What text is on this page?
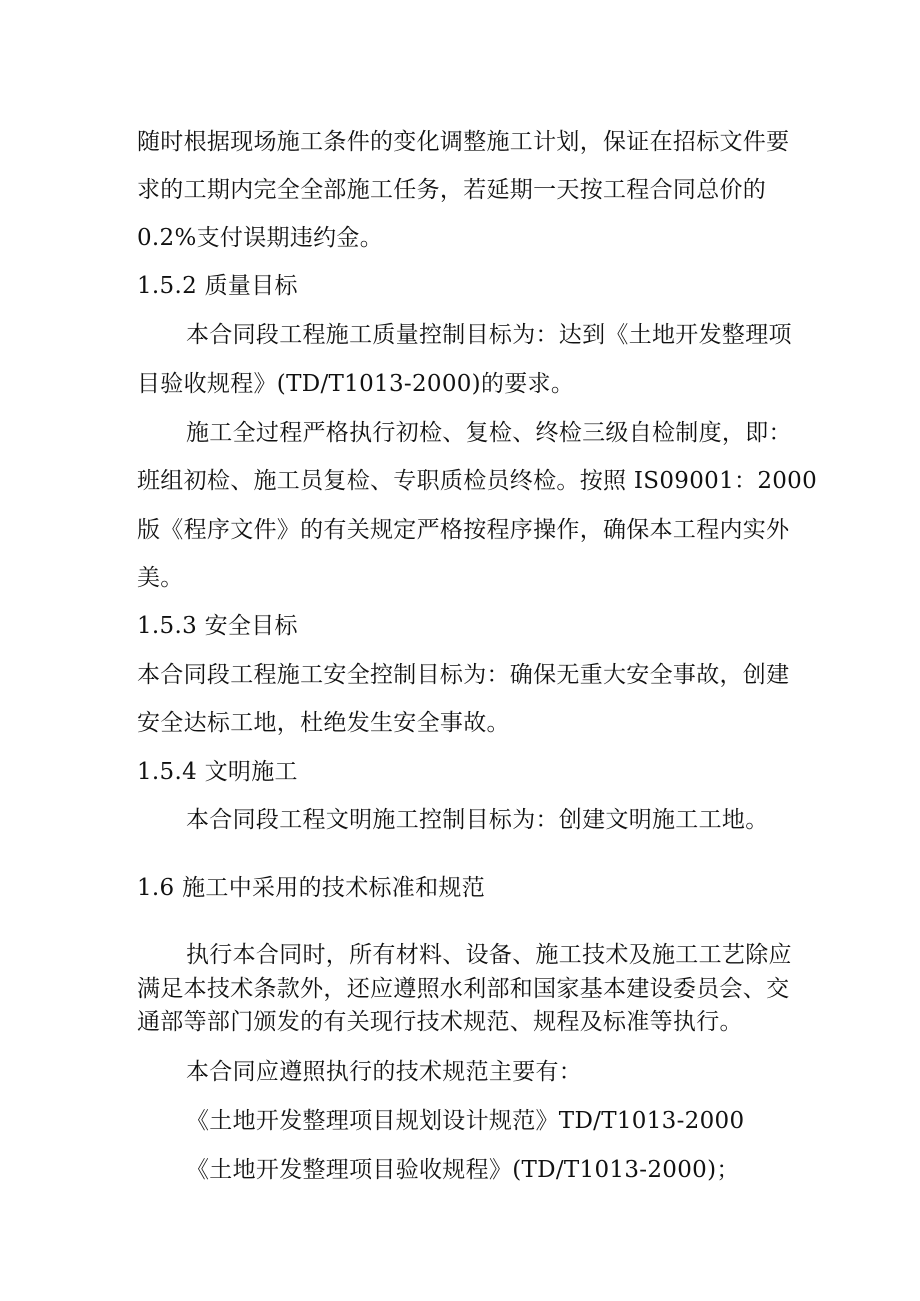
随时根据现场施工条件的变化调整施工计划，保证在招标文件要
求的工期内完全全部施工任务，若延期一天按工程合同总价的
0.2%支付误期违约金。
1.5.2 质量目标
本合同段工程施工质量控制目标为：达到《土地开发整理项
目验收规程》(TD/T1013-2000)的要求。
施工全过程严格执行初检、复检、终检三级自检制度，即：
班组初检、施工员复检、专职质检员终检。按照 IS09001：2000
版《程序文件》的有关规定严格按程序操作，确保本工程内实外
美。
1.5.3 安全目标
本合同段工程施工安全控制目标为：确保无重大安全事故，创建
安全达标工地，杜绝发生安全事故。
1.5.4 文明施工
本合同段工程文明施工控制目标为：创建文明施工工地。
1.6 施工中采用的技术标准和规范
执行本合同时，所有材料、设备、施工技术及施工工艺除应
满足本技术条款外，还应遵照水利部和国家基本建设委员会、交
通部等部门颁发的有关现行技术规范、规程及标准等执行。
本合同应遵照执行的技术规范主要有：
《土地开发整理项目规划设计规范》TD/T1013-2000
《土地开发整理项目验收规程》(TD/T1013-2000)；
